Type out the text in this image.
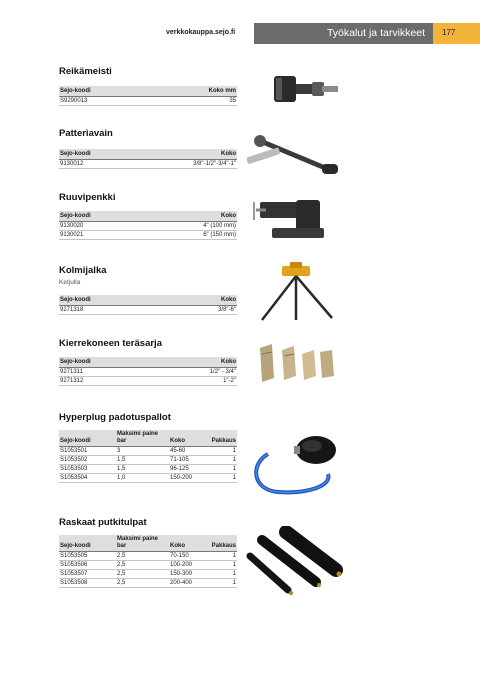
verkkokauppa.sejo.fi	Työkalut ja tarvikkeet 177
Reikämeisti
Sejo-koodi	Koko mm
S9290013	35
Patteriavain
Sejo-koodi	Koko
9130012	3/8"-1/2"-3/4"-1"
Ruuvipenkki
Sejo-koodi	Koko
9130020	4" (100 mm)
9130021	6" (150 mm)
Kolmijalka
Ketjulla
Sejo-koodi	Koko
9271318	3/8"-6"
Kierrekoneen teräsarja
Sejo-koodi	Koko
9271311	1/2" - 3/4"
9271312	1"-2"
Hyperplug padotuspallot
Sejo-koodi	Maksimi paine bar	Koko	Pakkaus
S1053501	3	45-60	1
S1053502	1,5	71-105	1
S1053503	1,5	96-125	1
S1053504	1,0	150-200	1
Raskaat putkitulpat
Sejo-koodi	Maksimi paine bar	Koko	Pakkaus
S1053505	2,5	70-150	1
S1053506	2,5	100-200	1
S1053507	2,5	150-300	1
S1053508	2,5	200-400	1
